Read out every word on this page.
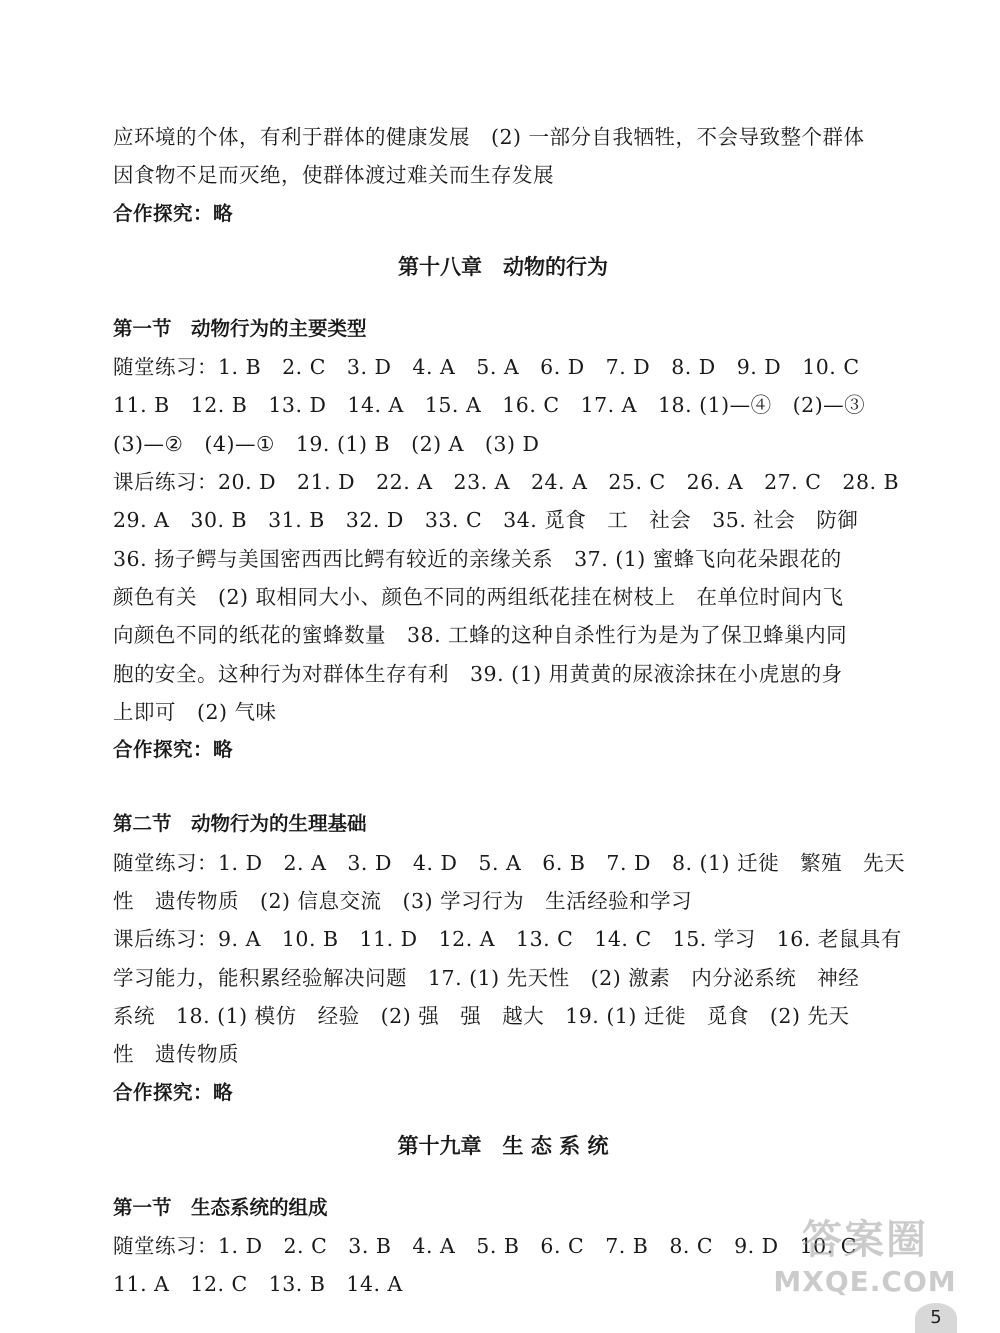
应环境的个体，有利于群体的健康发展　(2) 一部分自我牺牲，不会导致整个群体
因食物不足而灭绝，使群体渡过难关而生存发展
合作探究：略
第十八章　动物的行为
第一节　动物行为的主要类型
随堂练习：1. B　2. C　3. D　4. A　5. A　6. D　7. D　8. D　9. D　10. C
11. B　12. B　13. D　14. A　15. A　16. C　17. A　18. (1)—④　(2)—③
(3)—②　(4)—①　19. (1) B　(2) A　(3) D
课后练习：20. D　21. D　22. A　23. A　24. A　25. C　26. A　27. C　28. B
29. A　30. B　31. B　32. D　33. C　34. 觅食　工　社会　35. 社会　防御
36. 扬子鳄与美国密西西比鳄有较近的亲缘关系　37. (1) 蜜蜂飞向花朵跟花的
颜色有关　(2) 取相同大小、颜色不同的两组纸花挂在树枝上　在单位时间内飞
向颜色不同的纸花的蜜蜂数量　38. 工蜂的这种自杀性行为是为了保卫蜂巢内同
胞的安全。这种行为对群体生存有利　39. (1) 用黄黄的尿液涂抹在小虎崽的身
上即可　(2) 气味
合作探究：略
第二节　动物行为的生理基础
随堂练习：1. D　2. A　3. D　4. D　5. A　6. B　7. D　8. (1) 迁徙　繁殖　先天
性　遗传物质　(2) 信息交流　(3) 学习行为　生活经验和学习
课后练习：9. A　10. B　11. D　12. A　13. C　14. C　15. 学习　16. 老鼠具有
学习能力，能积累经验解决问题　17. (1) 先天性　(2) 激素　内分泌系统　神经
系统　18. (1) 模仿　经验　(2) 强　强　越大　19. (1) 迁徙　觅食　(2) 先天
性　遗传物质
合作探究：略
第十九章　生 态 系 统
第一节　生态系统的组成
随堂练习：1. D　2. C　3. B　4. A　5. B　6. C　7. B　8. C　9. D　10. C
11. A　12. C　13. B　14. A
答案圈
MXQE.COM
5
